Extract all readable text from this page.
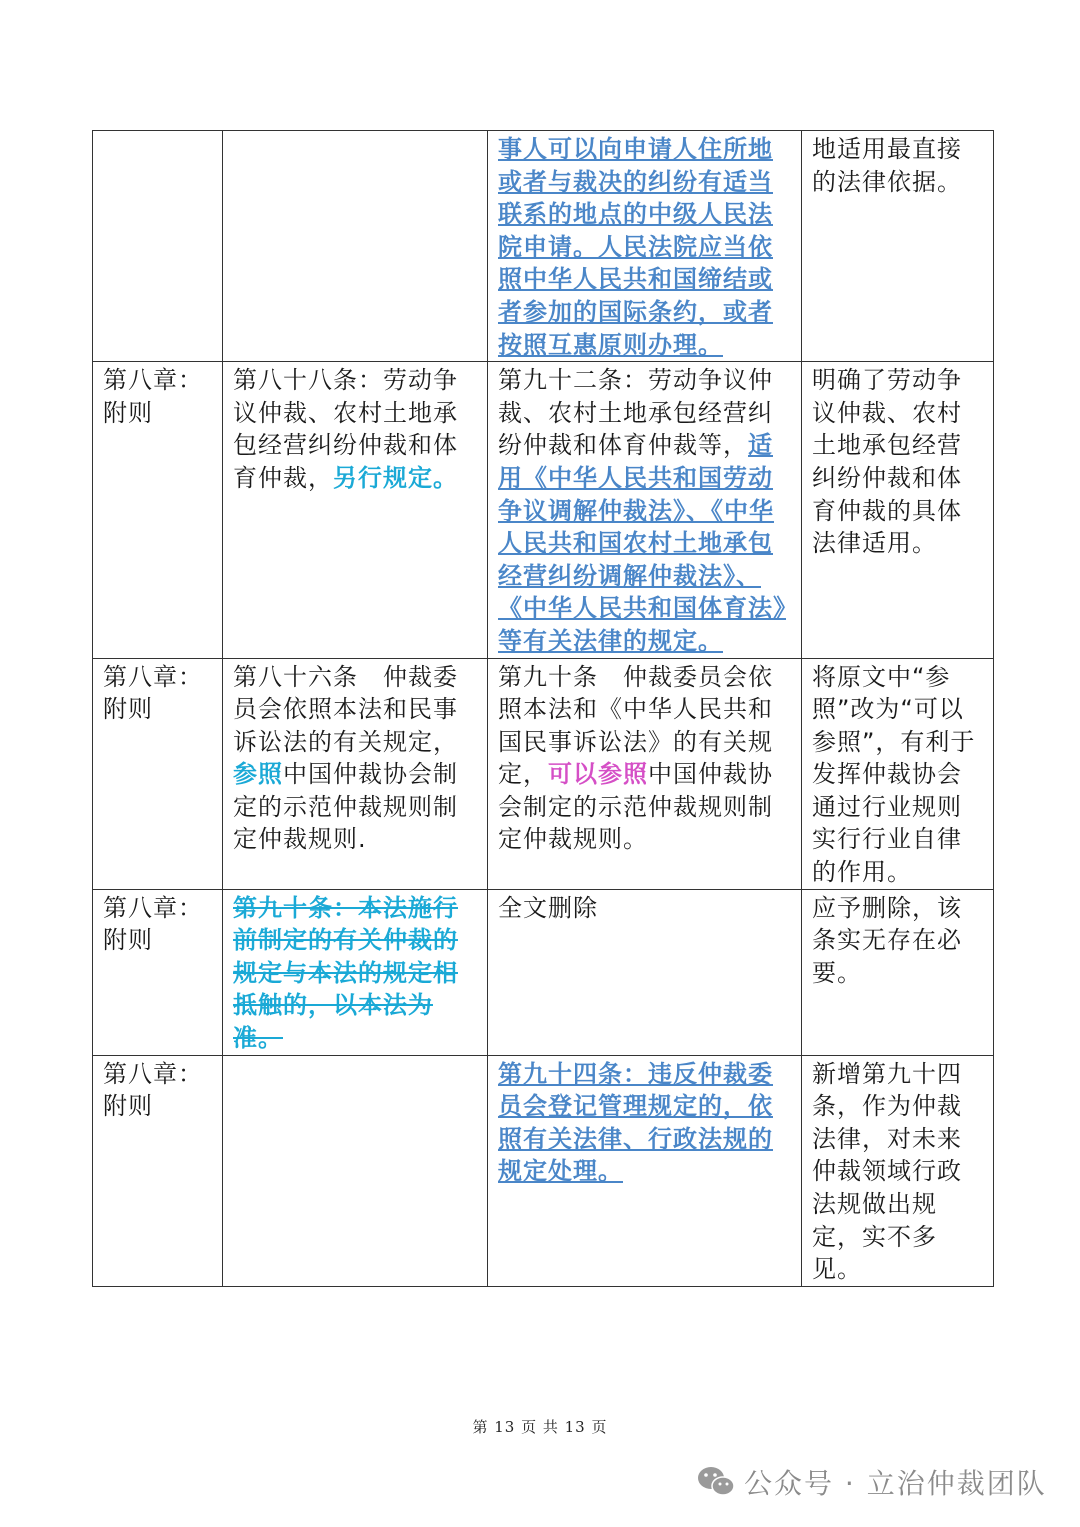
		事人可以向申请人住所地或者与裁决的纠纷有适当联系的地点的中级人民法院申请。人民法院应当依照中华人民共和国缔结或者参加的国际条约，或者按照互惠原则办理。	地适用最直接的法律依据。
第八章：附则	第八十八条：劳动争议仲裁、农村土地承包经营纠纷仲裁和体育仲裁，另行规定。	第九十二条：劳动争议仲裁、农村土地承包经营纠纷仲裁和体育仲裁等，适用《中华人民共和国劳动争议调解仲裁法》、《中华人民共和国农村土地承包经营纠纷调解仲裁法》、《中华人民共和国体育法》等有关法律的规定。	明确了劳动争议仲裁、农村土地承包经营纠纷仲裁和体育仲裁的具体法律适用。
第八章：附则	第八十六条　仲裁委员会依照本法和民事诉讼法的有关规定，参照中国仲裁协会制定的示范仲裁规则制定仲裁规则.	第九十条　仲裁委员会依照本法和《中华人民共和国民事诉讼法》的有关规定，可以参照中国仲裁协会制定的示范仲裁规则制定仲裁规则。	将原文中“参照”改为“可以参照”，有利于发挥仲裁协会通过行业规则实行行业自律的作用。
第八章：附则	第九十条：本法施行前制定的有关仲裁的规定与本法的规定相抵触的，以本法为准。	全文删除	应予删除，该条实无存在必要。
第八章：附则		第九十四条：违反仲裁委员会登记管理规定的，依照有关法律、行政法规的规定处理。	新增第九十四条，作为仲裁法律，对未来仲裁领域行政法规做出规定，实不多见。
第 13 页 共 13 页
公众号 · 立治仲裁团队
